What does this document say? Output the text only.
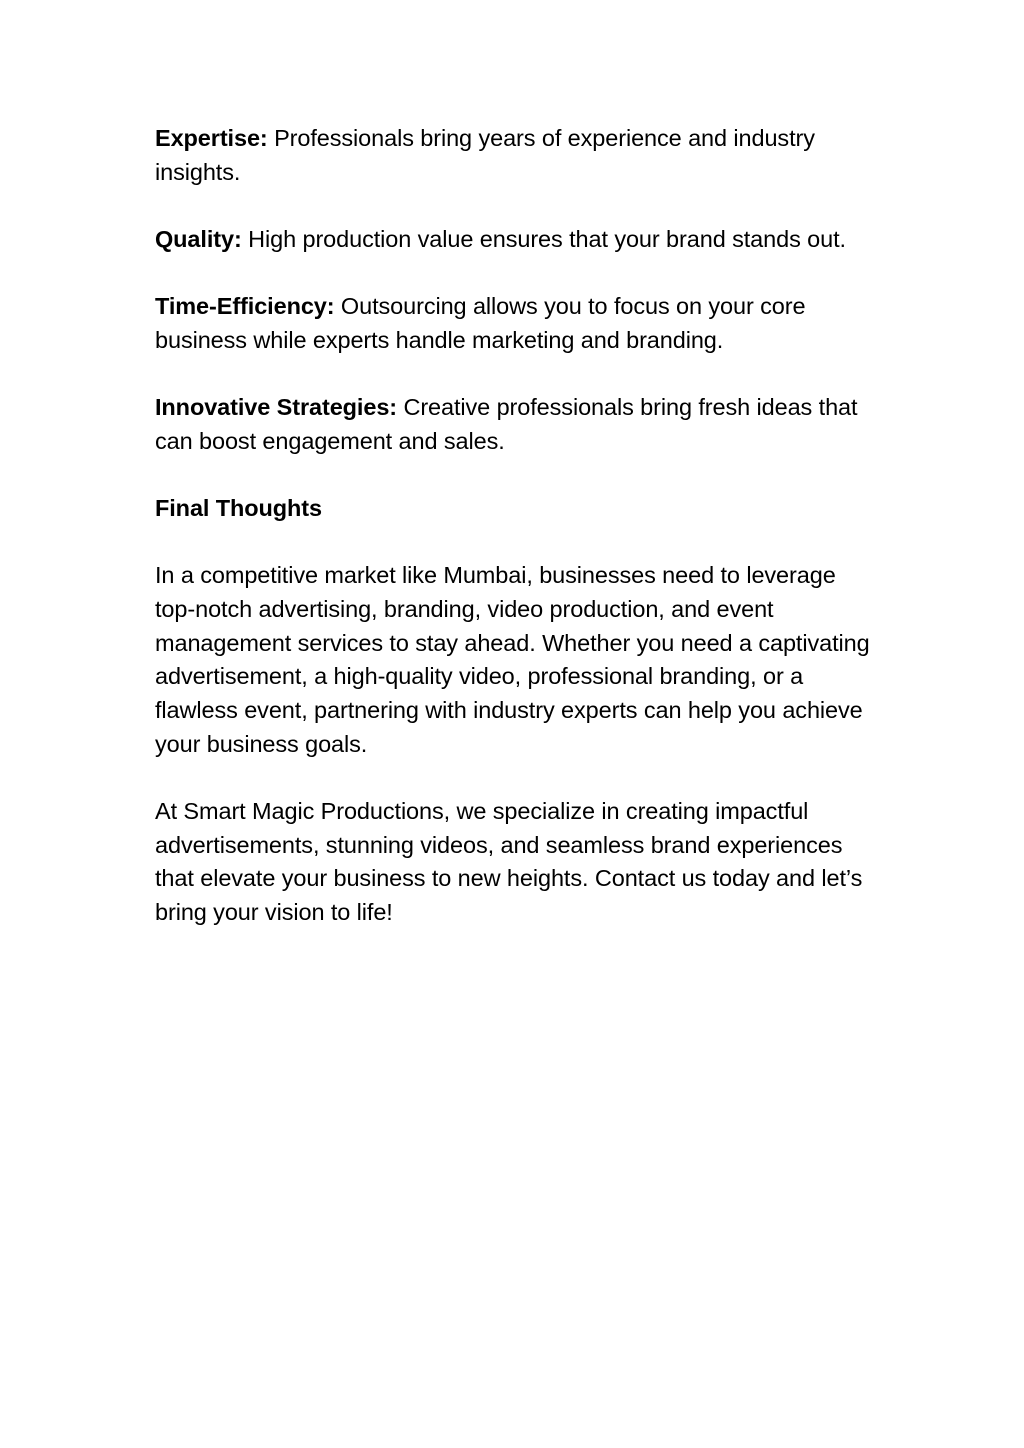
Expertise: Professionals bring years of experience and industry insights.

Quality: High production value ensures that your brand stands out.

Time-Efficiency: Outsourcing allows you to focus on your core business while experts handle marketing and branding.

Innovative Strategies: Creative professionals bring fresh ideas that can boost engagement and sales.

Final Thoughts

In a competitive market like Mumbai, businesses need to leverage top-notch advertising, branding, video production, and event management services to stay ahead. Whether you need a captivating advertisement, a high-quality video, professional branding, or a flawless event, partnering with industry experts can help you achieve your business goals.

At Smart Magic Productions, we specialize in creating impactful advertisements, stunning videos, and seamless brand experiences that elevate your business to new heights. Contact us today and let’s bring your vision to life!
